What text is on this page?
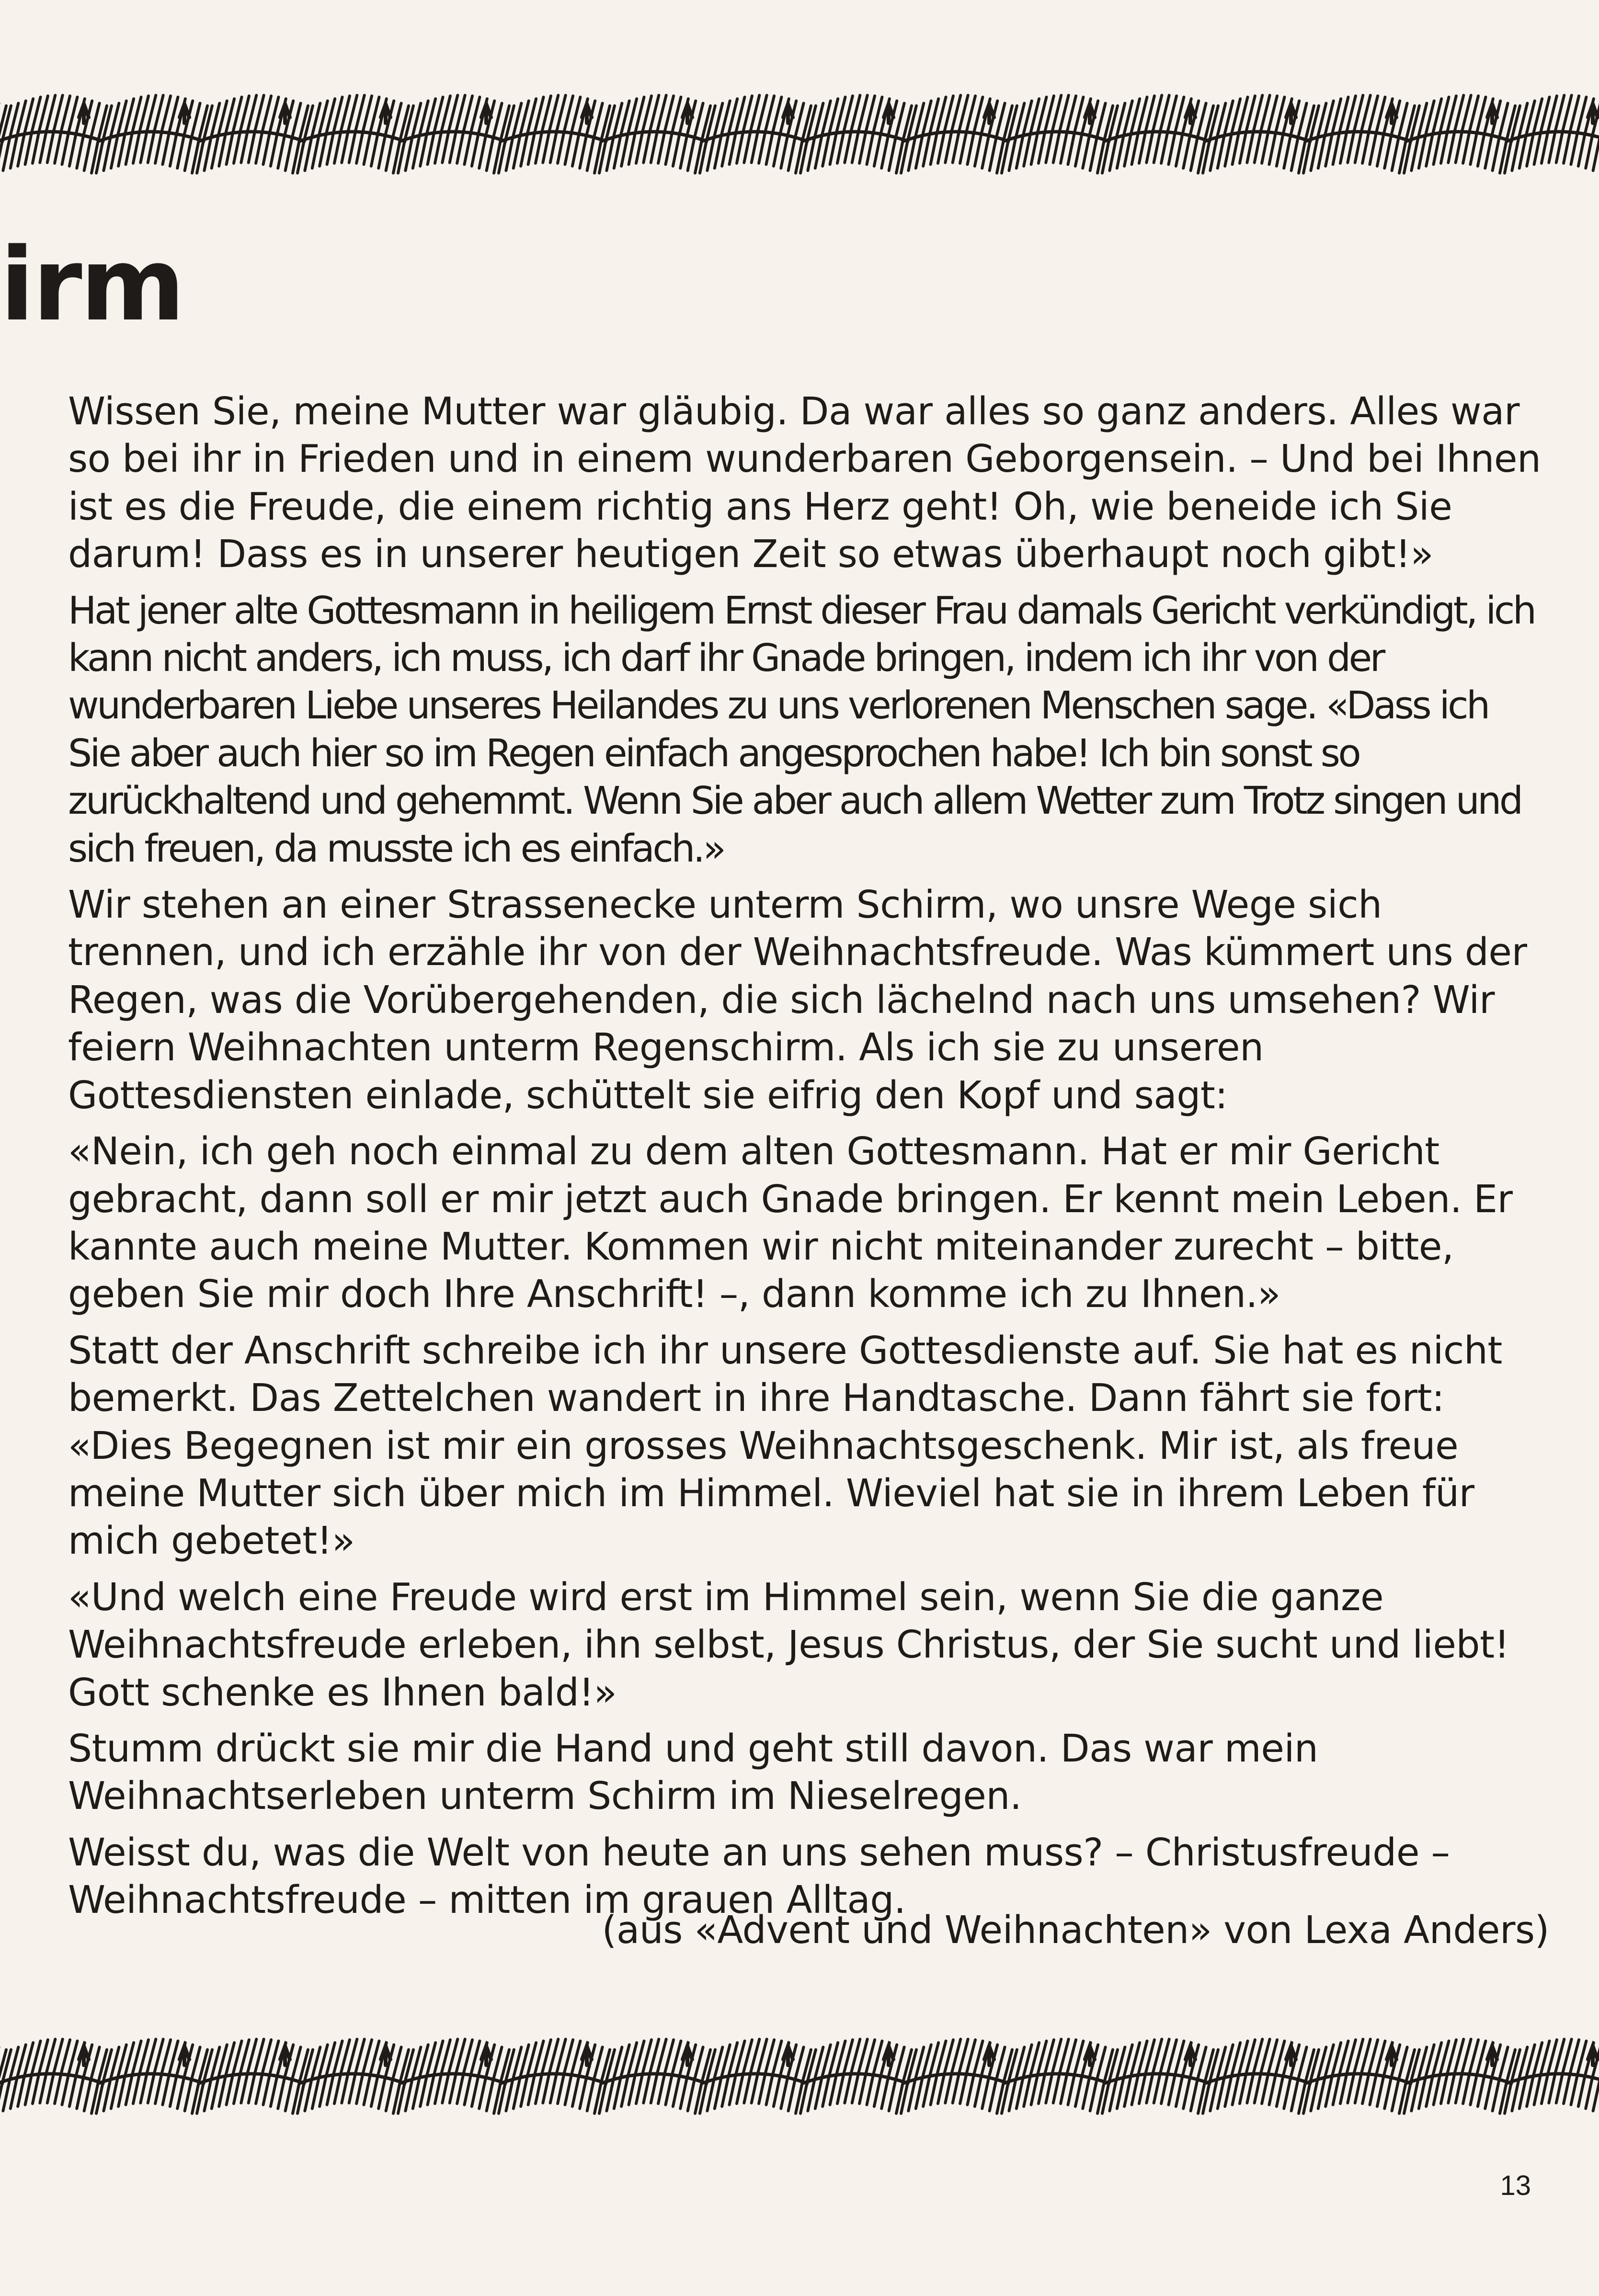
irm

Wissen Sie, meine Mutter war gläubig. Da war alles so ganz anders. Alles war so bei ihr in Frieden und in einem wunderbaren Geborgensein. – Und bei Ihnen ist es die Freude, die einem richtig ans Herz geht! Oh, wie beneide ich Sie darum! Dass es in unserer heutigen Zeit so etwas überhaupt noch gibt!»

Hat jener alte Gottesmann in heiligem Ernst dieser Frau damals Gericht verkündigt, ich kann nicht anders, ich muss, ich darf ihr Gnade bringen, indem ich ihr von der wunderbaren Liebe unseres Heilandes zu uns verlorenen Menschen sage. «Dass ich Sie aber auch hier so im Regen einfach angesprochen habe! Ich bin sonst so zurückhaltend und gehemmt. Wenn Sie aber auch allem Wetter zum Trotz singen und sich freuen, da musste ich es einfach.»

Wir stehen an einer Strassenecke unterm Schirm, wo unsre Wege sich trennen, und ich erzähle ihr von der Weihnachtsfreude. Was kümmert uns der Regen, was die Vorübergehenden, die sich lächelnd nach uns umsehen? Wir feiern Weihnachten unterm Regenschirm. Als ich sie zu unseren Gottesdiensten einlade, schüttelt sie eifrig den Kopf und sagt:

«Nein, ich geh noch einmal zu dem alten Gottesmann. Hat er mir Gericht gebracht, dann soll er mir jetzt auch Gnade bringen. Er kennt mein Leben. Er kannte auch meine Mutter. Kommen wir nicht miteinander zurecht – bitte, geben Sie mir doch Ihre Anschrift! –, dann komme ich zu Ihnen.»

Statt der Anschrift schreibe ich ihr unsere Gottesdienste auf. Sie hat es nicht bemerkt. Das Zettelchen wandert in ihre Handtasche. Dann fährt sie fort: «Dies Begegnen ist mir ein grosses Weihnachtsgeschenk. Mir ist, als freue meine Mutter sich über mich im Himmel. Wieviel hat sie in ihrem Leben für mich gebetet!»

«Und welch eine Freude wird erst im Himmel sein, wenn Sie die ganze Weihnachtsfreude erleben, ihn selbst, Jesus Christus, der Sie sucht und liebt! Gott schenke es Ihnen bald!»

Stumm drückt sie mir die Hand und geht still davon. Das war mein Weihnachtserleben unterm Schirm im Nieselregen.

Weisst du, was die Welt von heute an uns sehen muss? – Christusfreude – Weihnachtsfreude – mitten im grauen Alltag.

(aus «Advent und Weihnachten» von Lexa Anders)

13
